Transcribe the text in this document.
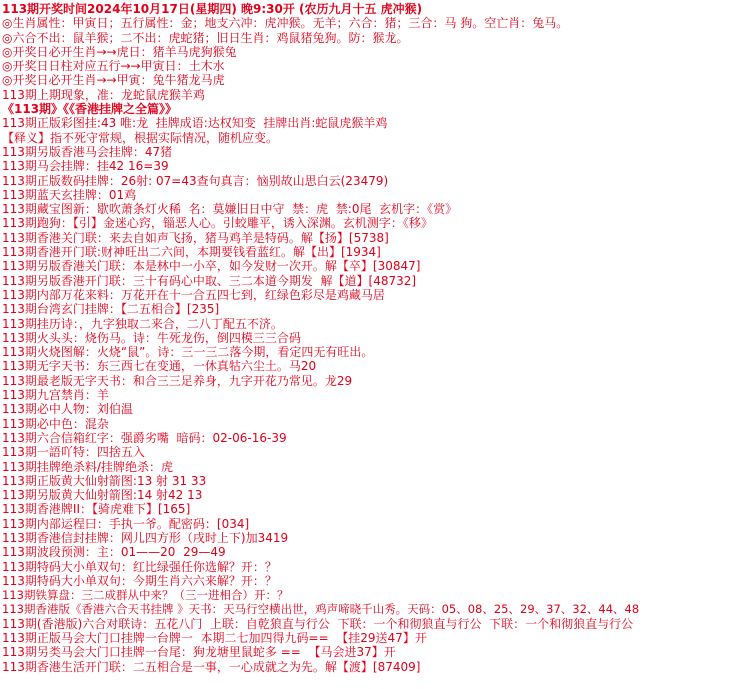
113期开奖时间2024年10月17日(星期四) 晚9:30开 (农历九月十五 虎冲猴)
◎生肖属性：甲寅日；五行属性：金；地支六冲：虎冲猴。无羊；六合：猪；三合：马 狗。空亡肖：兔马。
◎六合不出：鼠羊猴；二不出：虎蛇猪；旧日生肖：鸡鼠猪兔狗。防：猴龙。
◎开奖日必开生肖→→虎日：猪羊马虎狗猴兔
◎开奖日日柱对应五行→→甲寅日：土木水
◎开奖日必开生肖→→甲寅：兔牛猪龙马虎
113期上期现象，准：龙蛇鼠虎猴羊鸡
《113期》《《香港挂牌之全篇》》
113期正版彩图挂:43 唯:龙  挂牌成语:达权知变  挂牌出肖:蛇鼠虎猴羊鸡
【释义】指不死守常规，根据实际情况，随机应变。
113期另版香港马会挂牌：47猪
113期马会挂牌：挂42 16=39
113期正版数码挂牌：26射: 07=43查句真言：恼别故山思白云(23479)
113期蓝天玄挂牌：01鸡
113期藏宝图新：歇吹萧条灯火稀  名：莫嫌旧日中守  禁：虎  禁:0尾  玄机字：《赏》
113期跑狗：【引】金迷心窍，锱恶人心。引蛟雕平，诱入深渊。玄机测字：《移》
113期香港关门联：来去自如声飞扬，猪马鸡羊是特码。解【扬】[5738]
113期香港开门联:财神旺出二六间，本期要钱看蓝红。解【出】[1934]
113期另版香港关门联：本是林中一小卒，如今发财一次开。解【卒】[30847]
113期另版香港开门联：三十有码心中取、三二本道今期发  解【道】[48732]
113期内部万花来料：万花开在十一合五四七到，红绿色彩尽是鸡藏马居
113期台湾玄门挂牌：【二五相合】[235]
113期挂历诗：，九字独取二来合，二八丁配五不济。
113期火头头：烧伤马。诗：牛死龙伤，倒四模三三合码
113期火烧图解：火烧“鼠”。诗：三一三二落今期，看定四无有旺出。
113期无字天书：东三西七在变通，一休真牯六尘土。马20
113期最老版无字天书：和合三三足养身，九字开花乃常见。龙29
113期九宫禁肖：羊
113期必中人物：刘伯温
113期必中色：混杂
113期六合信箱红字：强爵劣嘴  暗码：02-06-16-39
113期一語吖特：四捨五入
113期挂牌绝杀料/挂牌绝杀：虎
113期正版黄大仙射箭图:13 射 31 33
113期另版黄大仙射箭图:14 射42 13
113期香港牌II：【骑虎难下】[165]
113期内部运程曰：手执一爷。配密码：[034]
113期香港信封挂牌：网儿四方形（戌时上下)加3419
113期波段预测：主：01——20  29—49
113期特码大小单双句：红比绿强任你选解？开：？
113期特码大小单双句：今期生肖六六来解？开：？
113期铁算盘：三二成群从中来？（三一进相合）开：？
113期香港版《香港六合天书挂牌 》天书：天马行空横出世，鸡声啼晓千山秀。天码：05、08、25、29、37、32、44、48
113期(香港版)六合对联诗：五花八门  上联：自乾狼直与行公  下联：一个和彻狼直与行公  下联：一个和彻狼直与行公
113期正版马会大门口挂牌一台牌一  本期二七加四得九码==  【挂29送47】开
113期另类马会大门口挂牌一台尾：狗龙塘里鼠蛇多 ==  【马会进37】开
113期香港生活开门联：二五相合是一事，一心成就之为先。解【渡】[87409]
